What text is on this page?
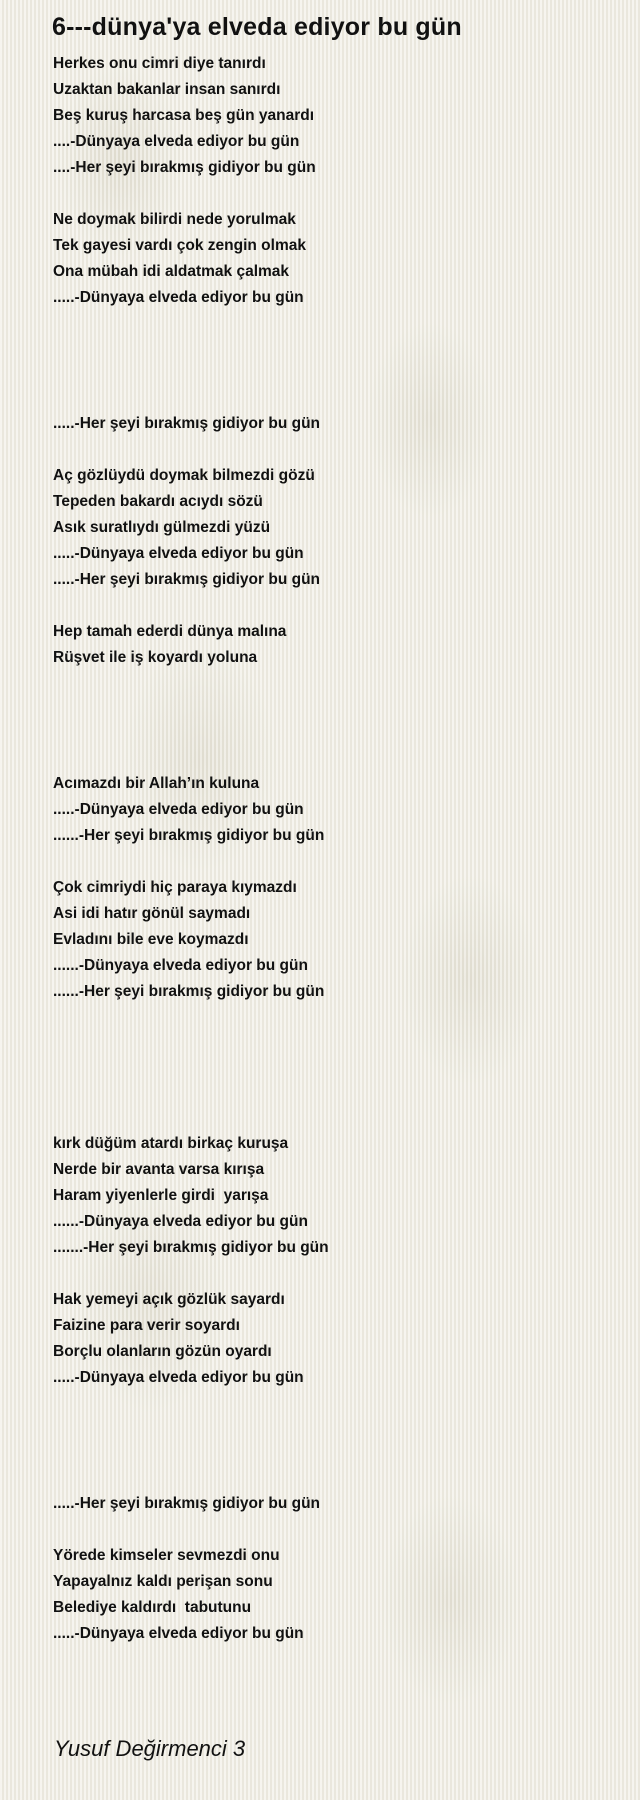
6---dünya'ya elveda ediyor bu gün
Herkes onu cimri diye tanırdı
Uzaktan bakanlar insan sanırdı
Beş kuruş harcasa beş gün yanardı
....-Dünyaya elveda ediyor bu gün
....-Her şeyi bırakmış gidiyor bu gün
Ne doymak bilirdi nede yorulmak
Tek gayesi vardı çok zengin olmak
Ona mübah idi aldatmak çalmak
.....-Dünyaya elveda ediyor bu gün
.....-Her şeyi bırakmış gidiyor bu gün
Aç gözlüydü doymak bilmezdi gözü
Tepeden bakardı acıydı sözü
Asık suratlıydı gülmezdi yüzü
.....-Dünyaya elveda ediyor bu gün
.....-Her şeyi bırakmış gidiyor bu gün
Hep tamah ederdi dünya malına
Rüşvet ile iş koyardı yoluna
Acımazdı bir Allah’ın kuluna
.....-Dünyaya elveda ediyor bu gün
......-Her şeyi bırakmış gidiyor bu gün
Çok cimriydi hiç paraya kıymazdı
Asi idi hatır gönül saymadı
Evladını bile eve koymazdı
......-Dünyaya elveda ediyor bu gün
......-Her şeyi bırakmış gidiyor bu gün
kırk düğüm atardı birkaç kuruşa
Nerde bir avanta varsa kırışa
Haram yiyenlerle girdi  yarışa
......-Dünyaya elveda ediyor bu gün
.......-Her şeyi bırakmış gidiyor bu gün
Hak yemeyi açık gözlük sayardı
Faizine para verir soyardı
Borçlu olanların gözün oyardı
.....-Dünyaya elveda ediyor bu gün
.....-Her şeyi bırakmış gidiyor bu gün
Yörede kimseler sevmezdi onu
Yapayalnız kaldı perişan sonu
Belediye kaldırdı  tabutunu
.....-Dünyaya elveda ediyor bu gün
Yusuf Değirmenci 3
